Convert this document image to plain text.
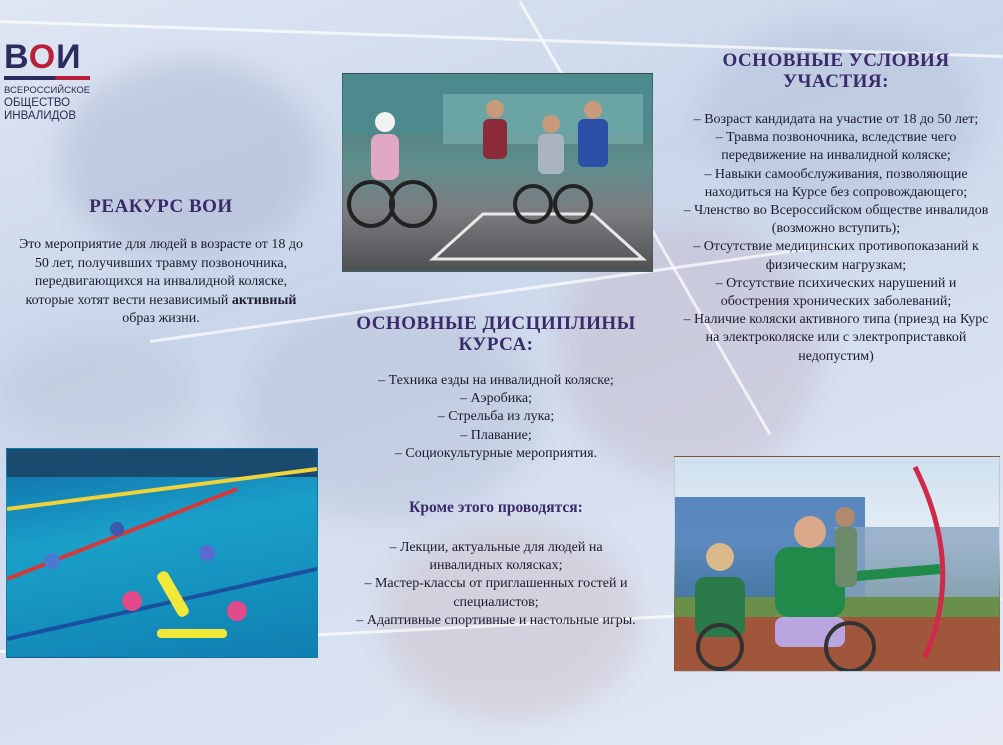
ВОИ
ВСЕРОССИЙСКОЕ
ОБЩЕСТВО
ИНВАЛИДОВ
РЕАКУРС ВОИ
Это мероприятие для людей в возрасте от 18 до 50 лет, получивших травму позвоночника, передвигающихся на инвалидной коляске, которые хотят вести независимый активный образ жизни.	ОСНОВНЫЕ ДИСЦИПЛИНЫ КУРСА:
– Техника езды на инвалидной коляске;
– Аэробика;
– Стрельба из лука;
– Плавание;
– Социокультурные мероприятия.
Кроме этого проводятся:
– Лекции, актуальные для людей на инвалидных колясках;
– Мастер-классы от приглашенных гостей и специалистов;
– Адаптивные спортивные и настольные игры.
ОСНОВНЫЕ УСЛОВИЯ УЧАСТИЯ:
– Возраст кандидата на участие от 18 до 50 лет;
– Травма позвоночника, вследствие чего передвижение на инвалидной коляске;
– Навыки самообслуживания, позволяющие находиться на Курсе без сопровождающего;
– Членство во Всероссийском обществе инвалидов (возможно вступить);
– Отсутствие медицинских противопоказаний к физическим нагрузкам;
– Отсутствие психических нарушений и обострения хронических заболеваний;
– Наличие коляски активного типа (приезд на Курс на электроколяске или с электроприставкой недопустим)
